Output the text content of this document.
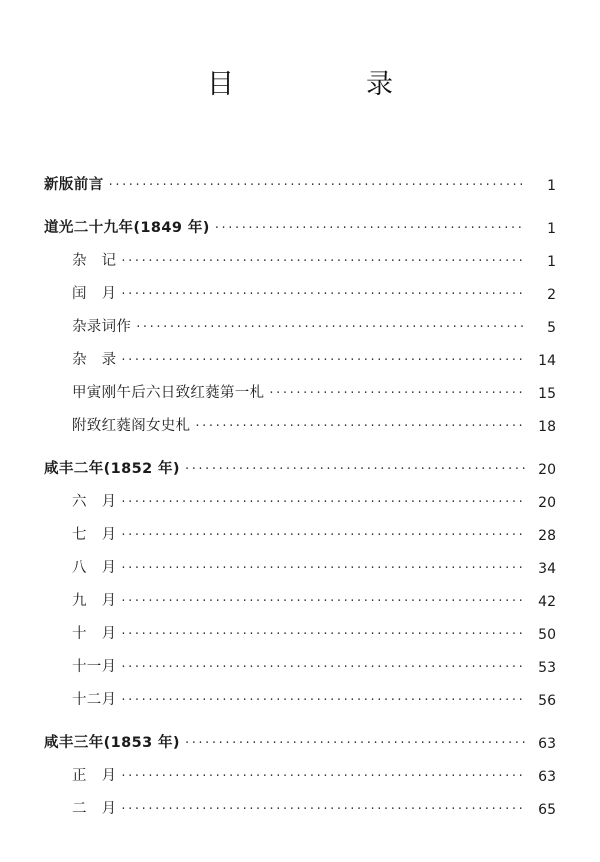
目　　录
新版前言 ·····	1
道光二十九年(1849 年) ·····	1
杂　记 ·····	1
闰　月 ·····	2
杂录词作 ·····	5
杂　录 ·····	14
甲寅刚午后六日致红蕤第一札 ·····	15
附致红蕤阁女史札 ·····	18
咸丰二年(1852 年) ·····	20
六　月 ·····	20
七　月 ·····	28
八　月 ·····	34
九　月 ·····	42
十　月 ·····	50
十一月 ·····	53
十二月 ·····	56
咸丰三年(1853 年) ·····	63
正　月 ·····	63
二　月 ·····	65
